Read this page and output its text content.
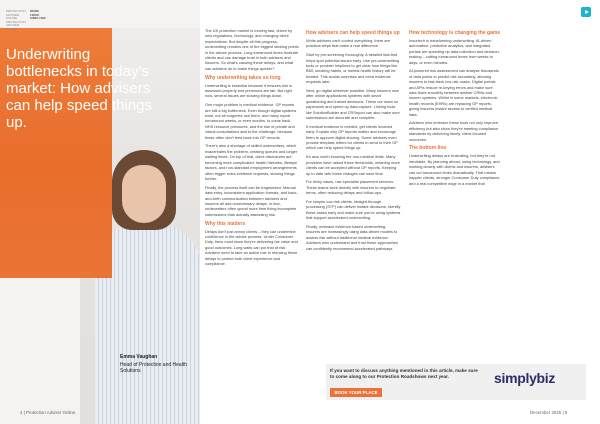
PROTECTION ADVISER ONLINEMORE FROM SIMPLYBIZPROTECTION ADVISER ONLINE
Underwriting bottlenecks in today's market: How advisers can help speed things up.
Emma Vaughan
Head of Protection and Health Solutions

The UK protection market is moving fast, driven by new regulations, technology, and changing client expectations. But despite all this progress, underwriting remains one of the biggest sticking points in the advice process. Long turnaround times frustrate clients and can damage trust in both advisers and insurers. So what's causing these delays, and what can advisers do to make things quicker?

Why underwriting takes so long

Underwriting is essential because it ensures risk is assessed properly and premiums are fair. But right now, several issues are slowing things down.

One major problem is medical evidence. GP reports are still a big bottleneck. Even though digital systems exist, not all surgeries use them, and many report turnaround weeks, or even months, to come back. NHS resource pressures, and the rise of private and virtual consultations add to the challenge, because these often don't feed back into GP records.

There's also a shortage of skilled underwriters, which exacerbates the problem, creating queues and longer waiting times. On top of that, client disclosures are becoming more complicated: health histories, lifestyle factors, and non-standard employment arrangements often trigger extra evidence requests, slowing things further.

Finally, the process itself can be fragmented. Manual data entry, inconsistent application formats, and back-and-forth communication between advisers and insurers all add unnecessary delays. In fact, underwriters often spend more time fixing incomplete submissions than actually assessing risk.

Why this matters

Delays don't just annoy clients – they can undermine confidence in the advice process. Under Consumer Duty, firms must show they're delivering fair value and good outcomes. Long waits can put that at risk. Advisers need to take an active role in reducing these delays to protect both client experience and compliance.

How advisers can help speed things up

While advisers can't control everything, there are practical steps that make a real difference.

Start by pre-screening thoroughly. A detailed fact-find helps spot potential issues early. Use pre-underwriting tools or provider helplines to get clear how things like BMI, smoking habits, or mental health history will be treated. This avoids surprises and extra evidence requests later.

Next, go digital wherever possible. Many insurers now offer online applications systems with smart questioning and instant decisions. These cut down on paperwork and speed up data capture. Linking tools like SolutionBuilder and CRSeport can also make sure submissions are accurate and complete.

If medical evidence is needed, get clients involved early. Explain why GP reports matter and encourage them to approve digital sharing. Some advisers even provide template letters for clients to send to their GP which can help speed things up.

It's also worth knowing the non-medical limits. Many providers have raised these thresholds, meaning more clients can be accepted without GP reports. Keeping up to date with these changes can save time.

For tricky cases, use specialist placement services. These teams work directly with insurers to negotiate terms, often reducing delays and follow-ups.

For simpler low-risk clients, straight-through processing (STP) can deliver instant decisions. Identify these cases early and make sure you're using systems that support accelerated underwriting.

Finally, embrace evidence-based underwriting. Insurers are increasingly using data-driven models to assess risk without traditional medical evidence. Advisers who understand and trust these approaches can confidently recommend accelerated pathways.

How technology is changing the game

Insurtech is transforming underwriting. AI-driven automation, predictive analytics, and integrated portals are speeding up data collection and decision-making – cutting turnaround times from weeks to days, or even minutes.

AI-powered risk assessment can analyse thousands of data points to predict risk accurately, allowing insurers to fast-track low-risk cases. Digital portals and APIs reduce re-keying errors and make sure data flows smoothly between adviser CRMs and insurer systems. Whilst in some markets, electronic health records (EHRs) are replacing GP reports, giving insurers instant access to verified medical data.

Advisers who embrace these tools not only improve efficiency but also show they're meeting compliance standards by delivering timely, client-focused outcomes.

The bottom line

Underwriting delays are frustrating, but they're not inevitable. By planning ahead, using technology, and working closely with clients and insurers, advisers can cut turnaround times dramatically. That means happier clients, stronger Consumer Duty compliance, and a real competitive edge in a market that

If you want to discuss anything mentioned in this article, make sure to come along to our Protection Roadshows next year.
BOOK YOUR PLACE
simplybiz
4 | Protection Adviser Online	December 2025 | 5
